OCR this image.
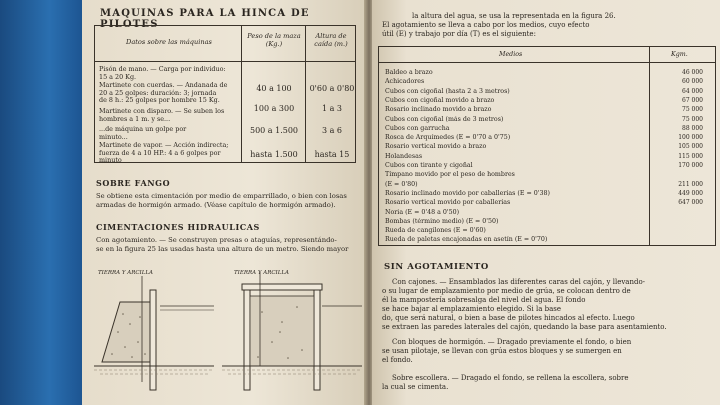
MAQUINAS PARA LA HINCA DE PILOTES
Datos sobre las máquinas
Peso de la maza (Kg.)
Altura de caída (m.)
Pisón de mano. — Carga por individuo:
15 a 20 Kg.
Martinete con cuerdas. — Andanada de
20 a 25 golpes: duración: 3; jornada
de 8 h.: 25 golpes por hombre 15 Kg.
40 a 100	0'60 a 0'80
Martinete con disparo. — Se suben los
hombres a 1 m. y se...
100 a 300	1 a 3
...de máquina un golpe por
minuto...
500 a 1.500	3 a 6
Martinete de vapor. — Acción indirecta;
fuerza de 4 a 10 HP.: 4 a 6 golpes por
minuto
hasta 1.500	hasta 15
SOBRE FANGO
Se obtiene esta cimentación por medio de emparrillado, o bien con losas
armadas de hormigón armado. (Véase capítulo de hormigón armado).
CIMENTACIONES HIDRAULICAS
Con agotamiento. — Se construyen presas o ataguías, representándo-
se en la figura 25 las usadas hasta una altura de un metro. Siendo mayor
TIERRA Y ARCILLA	TIERRA Y ARCILLA
la altura del agua, se usa la representada en la figura 26.
El agotamiento se lleva a cabo por los medios, cuyo efecto
útil (E) y trabajo por día (T) es el siguiente:
Medios	Kgm.
Baldeo a brazo	46 000
Achicadores	60 000
Cubos con cigoñal (hasta 2 a 3 metros)	64 000
Cubos con cigoñal movido a brazo	67 000
Rosario inclinado movido a brazo	75 000
Cubos con cigoñal (más de 3 metros)	75 000
Cubos con garrucha	88 000
Rosca de Arquímedes (E = 0'70 a 0'75)	100 000
Rosario vertical movido a brazo	105 000
Holandesas	115 000
Cubos con tirante y cigoñal	170 000
Tímpano movido por el peso de hombres
(E = 0'80)	211 000
Rosario inclinado movido por caballerías (E = 0'38)	449 000
Rosario vertical movido por caballerías	647 000
Noria (E = 0'48 a 0'50)
Bombas (término medio) (E = 0'50)
Rueda de cangilones (E = 0'60)
Rueda de paletas encajonadas en asetín (E = 0'70)
SIN AGOTAMIENTO
Con cajones. — Ensamblados las diferentes caras del cajón, y llevando-
o su lugar de emplazamiento por medio de grúa, se colocan dentro de
él la mampostería sobresalga del nivel del agua. El fondo
se hace bajar al emplazamiento elegido. Si la base
do, que será natural, o bien a base de pilotes hincados al efecto. Luego
se extraen las paredes laterales del cajón, quedando la base para asentamiento.
Con bloques de hormigón. — Dragado previamente el fondo, o bien
se usan pilotaje, se llevan con grúa estos bloques y se sumergen en
el fondo.
Sobre escollera. — Dragado el fondo, se rellena la escollera, sobre
la cual se cimenta.
